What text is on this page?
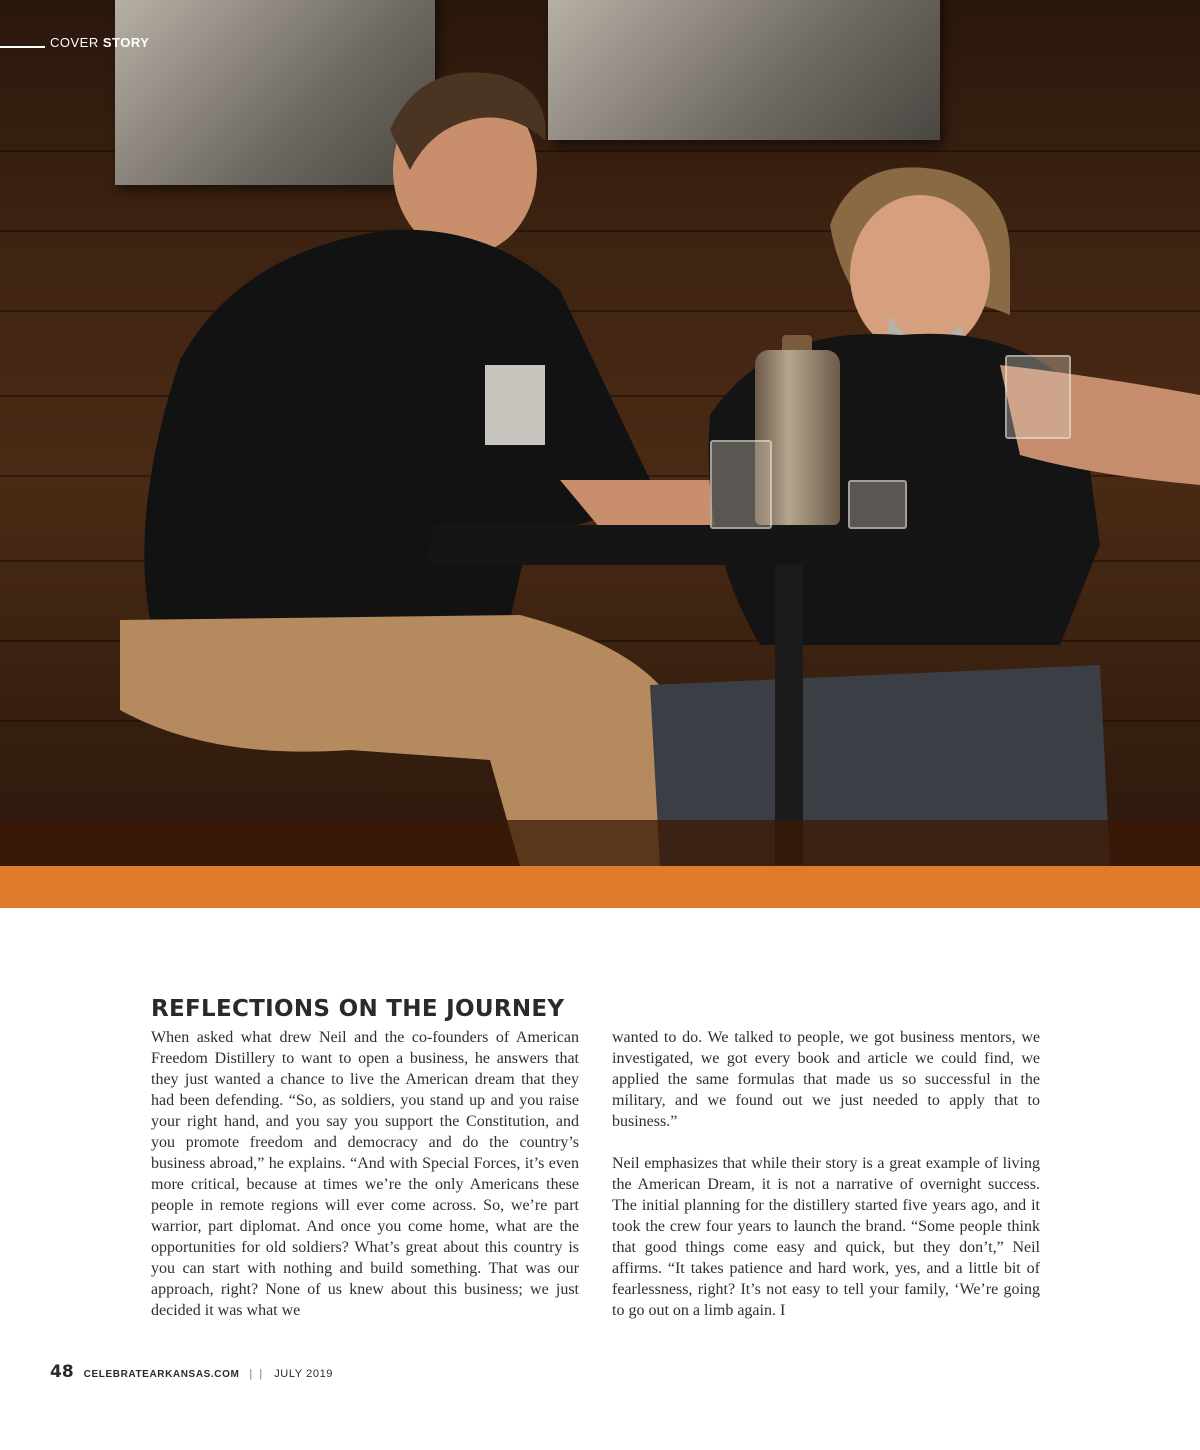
COVER STORY
REFLECTIONS ON THE JOURNEY

When asked what drew Neil and the co-founders of American Freedom Distillery to want to open a business, he answers that they just wanted a chance to live the American dream that they had been defending. “So, as soldiers, you stand up and you raise your right hand, and you say you support the Constitution, and you promote freedom and democracy and do the country’s business abroad,” he explains. “And with Special Forces, it’s even more critical, because at times we’re the only Americans these people in remote regions will ever come across. So, we’re part warrior, part diplomat. And once you come home, what are the opportunities for old soldiers? What’s great about this country is you can start with nothing and build something. That was our approach, right? None of us knew about this business; we just decided it was what we

wanted to do. We talked to people, we got business mentors, we investigated, we got every book and article we could find, we applied the same formulas that made us so successful in the military, and we found out we just needed to apply that to business.”

Neil emphasizes that while their story is a great example of living the American Dream, it is not a narrative of overnight success. The initial planning for the distillery started five years ago, and it took the crew four years to launch the brand. “Some people think that good things come easy and quick, but they don’t,” Neil affirms. “It takes patience and hard work, yes, and a little bit of fearlessness, right? It’s not easy to tell your family, ‘We’re going to go out on a limb again. I

48 CELEBRATEARKANSAS.COM | | JULY 2019
